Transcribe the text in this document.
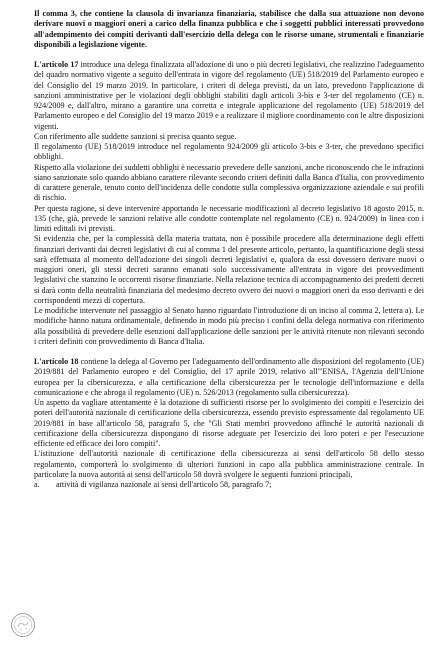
Il comma 3, che contiene la clausola di invarianza finanziaria, stabilisce che dalla sua attuazione non devono derivare nuovi o maggiori oneri a carico della finanza pubblica e che i soggetti pubblici interessati provvedono all'adempimento dei compiti derivanti dall'esercizio della delega con le risorse umane, strumentali e finanziarie disponibili a legislazione vigente.

L'articolo 17 introduce una delega finalizzata all'adozione di uno o più decreti legislativi, che realizzino l'adeguamento del quadro normativo vigente a seguito dell'entrata in vigore del regolamento (UE) 518/2019 del Parlamento europeo e del Consiglio del 19 marzo 2019. In particolare, i criteri di delega previsti, da un lato, prevedono l'applicazione di sanzioni amministrative per le violazioni degli obblighi stabiliti dagli articoli 3-bis e 3-ter del regolamento (CE) n. 924/2009 e, dall'altro, mirano a garantire una corretta e integrale applicazione del regolamento (UE) 518/2019 del Parlamento europeo e del Consiglio del 19 marzo 2019 e a realizzare il migliore coordinamento con le altre disposizioni vigenti.

Con riferimento alle suddette sanzioni si precisa quanto segue.

Il regolamento (UE) 518/2019 introduce nel regolamento 924/2009 gli articolo 3-bis e 3-ter, che prevedono specifici obblighi.

Rispetto alla violazione dei suddetti obblighi è necessario prevedere delle sanzioni, anche riconoscendo che le infrazioni siano sanzionate solo quando abbiano carattere rilevante secondo criteri definiti dalla Banca d'Italia, con provvedimento di carattere generale, tenuto conto dell'incidenza delle condotte sulla complessiva organizzazione aziendale e sui profili di rischio.

Per questa ragione, si deve intervenire apportando le necessarie modificazioni al decreto legislativo 18 agosto 2015, n. 135 (che, già, prevede le sanzioni relative alle condotte contemplate nel regolamento (CE) n. 924/2009) in linea con i limiti edittali ivi previsti.

Si evidenzia che, per la complessità della materia trattata, non è possibile procedere alla determinazione degli effetti finanziari derivanti dai decreti legislativi di cui al comma 1 del presente articolo, pertanto, la quantificazione degli stessi sarà effettuata al momento dell'adozione dei singoli decreti legislativi e, qualora da essi dovessero derivare nuovi o maggiori oneri, gli stessi decreti saranno emanati solo successivamente all'entrata in vigore dei provvedimenti legislativi che stanzino le occorrenti risorse finanziarie. Nella relazione tecnica di accompagnamento dei predetti decreti si darà conto della neutralità finanziaria del medesimo decreto ovvero dei nuovi o maggiori oneri da esso derivanti e dei corrispondenti mezzi di copertura.

Le modifiche intervenute nel passaggio al Senato hanno riguardato l'introduzione di un inciso al comma 2, lettera a). Le modifiche hanno natura ordinamentale, definendo in modo più preciso i confini della delega normativa con riferimento alla possibilità di prevedere delle esenzioni dall'applicazione delle sanzioni per le attività ritenute non rilevanti secondo i criteri definiti con provvedimento di Banca d'Italia.

L'articolo 18 contiene la delega al Governo per l'adeguamento dell'ordinamento alle disposizioni del regolamento (UE) 2019/881 del Parlamento europeo e del Consiglio, del 17 aprile 2019, relativo all'"ENISA, l'Agenzia dell'Unione europea per la cibersicurezza, e alla certificazione della cibersicurezza per le tecnologie dell'informazione e della comunicazione e che abroga il regolamento (UE) n. 526/2013 (regolamento sulla cibersicurezza).

Un aspetto da vagliare attentamente è la dotazione di sufficienti risorse per lo svolgimento dei compiti e l'esercizio dei poteri dell'autorità nazionale di certificazione della cibersicurezza, essendo previsto espressamente dal regolamento UE 2019/881 in base all'articolo 58, paragrafo 5, che "Gli Stati membri provvedono affinché le autorità nazionali di certificazione della cibersicurezza dispongano di risorse adeguate per l'esercizio dei loro poteri e per l'esecuzione efficiente ed efficace dei loro compiti".

L'istituzione dell'autorità nazionale di certificazione della cibersicurezza ai sensi dell'articolo 58 dello stesso regolamento, comporterà lo svolgimento di ulteriori funzioni in capo alla pubblica amministrazione centrale. In particolare la nuova autorità ai sensi dell'articolo 58 dovrà svolgere le seguenti funzioni principali,

a.	attività di vigilanza nazionale ai sensi dell'articolo 58, paragrafo 7;
